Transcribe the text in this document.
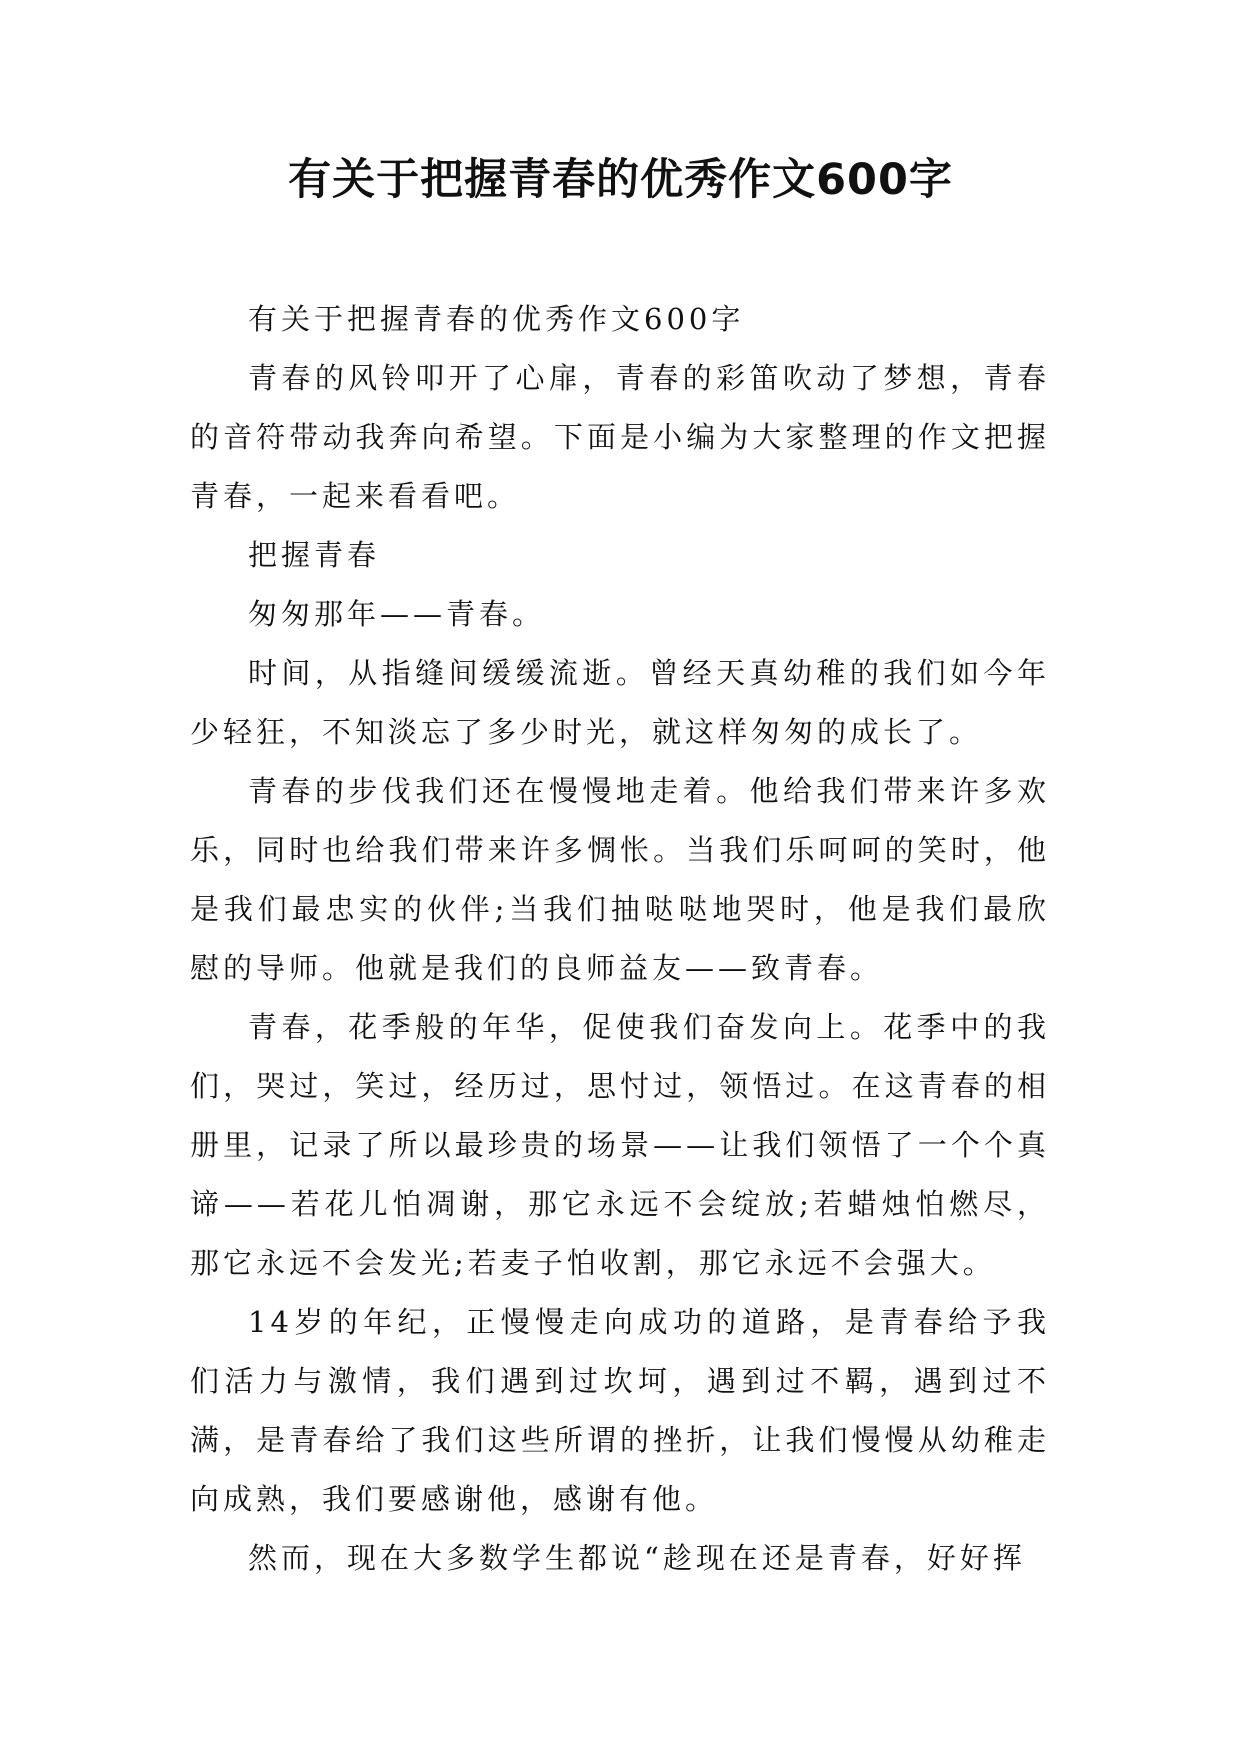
有关于把握青春的优秀作文600字

有关于把握青春的优秀作文600字

青春的风铃叩开了心扉，青春的彩笛吹动了梦想，青春的音符带动我奔向希望。下面是小编为大家整理的作文把握青春，一起来看看吧。

把握青春

匆匆那年——青春。

时间，从指缝间缓缓流逝。曾经天真幼稚的我们如今年少轻狂，不知淡忘了多少时光，就这样匆匆的成长了。

青春的步伐我们还在慢慢地走着。他给我们带来许多欢乐，同时也给我们带来许多惆怅。当我们乐呵呵的笑时，他是我们最忠实的伙伴;当我们抽哒哒地哭时，他是我们最欣慰的导师。他就是我们的良师益友——致青春。

青春，花季般的年华，促使我们奋发向上。花季中的我们，哭过，笑过，经历过，思忖过，领悟过。在这青春的相册里，记录了所以最珍贵的场景——让我们领悟了一个个真谛——若花儿怕凋谢，那它永远不会绽放;若蜡烛怕燃尽，那它永远不会发光;若麦子怕收割，那它永远不会强大。

14岁的年纪，正慢慢走向成功的道路，是青春给予我们活力与激情，我们遇到过坎坷，遇到过不羁，遇到过不满，是青春给了我们这些所谓的挫折，让我们慢慢从幼稚走向成熟，我们要感谢他，感谢有他。

然而，现在大多数学生都说“趁现在还是青春，好好挥
